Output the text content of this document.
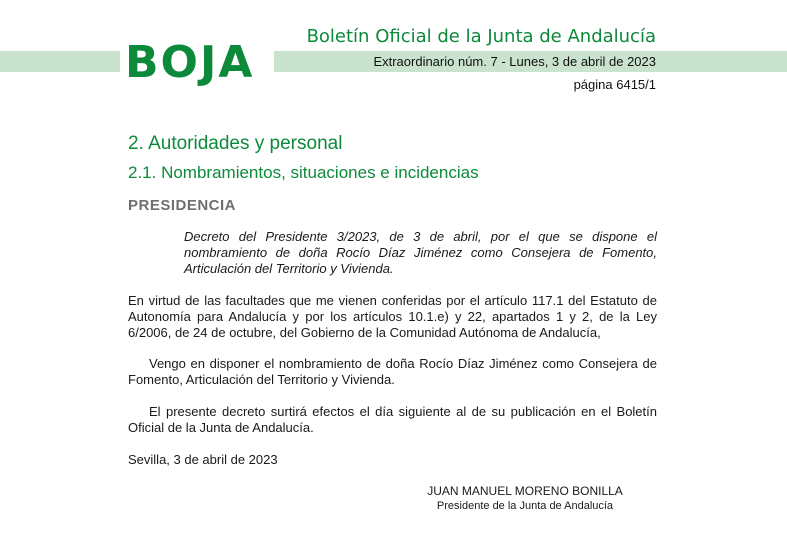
BOJA
Boletín Oficial de la Junta de Andalucía
Extraordinario núm. 7 - Lunes, 3 de abril de 2023
página 6415/1
2. Autoridades y personal
2.1. Nombramientos, situaciones e incidencias
PRESIDENCIA

Decreto del Presidente 3/2023, de 3 de abril, por el que se dispone el nombramiento de doña Rocío Díaz Jiménez como Consejera de Fomento, Articulación del Territorio y Vivienda.

En virtud de las facultades que me vienen conferidas por el artículo 117.1 del Estatuto de Autonomía para Andalucía y por los artículos 10.1.e) y 22, apartados 1 y 2, de la Ley 6/2006, de 24 de octubre, del Gobierno de la Comunidad Autónoma de Andalucía,

Vengo en disponer el nombramiento de doña Rocío Díaz Jiménez como Consejera de Fomento, Articulación del Territorio y Vivienda.

El presente decreto surtirá efectos el día siguiente al de su publicación en el Boletín Oficial de la Junta de Andalucía.

Sevilla, 3 de abril de 2023
JUAN MANUEL MORENO BONILLA
Presidente de la Junta de Andalucía
